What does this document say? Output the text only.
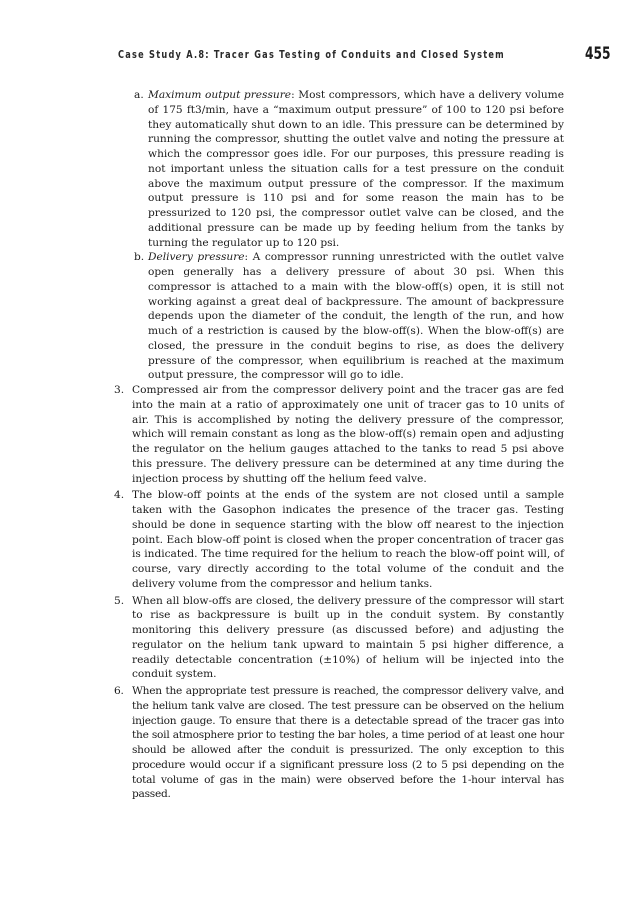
Case Study A.8: Tracer Gas Testing of Conduits and Closed System	455
a. Maximum output pressure: Most compressors, which have a delivery volume of 175 ft3/min, have a “maximum output pressure” of 100 to 120 psi before they automatically shut down to an idle. This pressure can be determined by running the compressor, shutting the outlet valve and noting the pressure at which the compressor goes idle. For our purposes, this pressure reading is not important unless the situation calls for a test pressure on the conduit above the maximum output pressure of the compressor. If the maximum output pressure is 110 psi and for some reason the main has to be pressurized to 120 psi, the compressor outlet valve can be closed, and the additional pressure can be made up by feeding helium from the tanks by turning the regulator up to 120 psi.
b. Delivery pressure: A compressor running unrestricted with the outlet valve open generally has a delivery pressure of about 30 psi. When this compressor is attached to a main with the blow-off(s) open, it is still not working against a great deal of backpressure. The amount of backpressure depends upon the diameter of the conduit, the length of the run, and how much of a restriction is caused by the blow-off(s). When the blow-off(s) are closed, the pressure in the conduit begins to rise, as does the delivery pressure of the compressor, when equilibrium is reached at the maximum output pressure, the compressor will go to idle.
3. Compressed air from the compressor delivery point and the tracer gas are fed into the main at a ratio of approximately one unit of tracer gas to 10 units of air. This is accomplished by noting the delivery pressure of the compressor, which will remain constant as long as the blow-off(s) remain open and adjusting the regulator on the helium gauges attached to the tanks to read 5 psi above this pressure. The delivery pressure can be determined at any time during the injection process by shutting off the helium feed valve.
4. The blow-off points at the ends of the system are not closed until a sample taken with the Gasophon indicates the presence of the tracer gas. Testing should be done in sequence starting with the blow off nearest to the injection point. Each blow-off point is closed when the proper concentration of tracer gas is indicated. The time required for the helium to reach the blow-off point will, of course, vary directly according to the total volume of the conduit and the delivery volume from the compressor and helium tanks.
5. When all blow-offs are closed, the delivery pressure of the compressor will start to rise as backpressure is built up in the conduit system. By constantly monitoring this delivery pressure (as discussed before) and adjusting the regulator on the helium tank upward to maintain 5 psi higher difference, a readily detectable concentration (±10%) of helium will be injected into the conduit system.
6. When the appropriate test pressure is reached, the compressor delivery valve, and the helium tank valve are closed. The test pressure can be observed on the helium injection gauge. To ensure that there is a detectable spread of the tracer gas into the soil atmosphere prior to testing the bar holes, a time period of at least one hour should be allowed after the conduit is pressurized. The only exception to this procedure would occur if a significant pressure loss (2 to 5 psi depending on the total volume of gas in the main) were observed before the 1-hour interval has passed.
